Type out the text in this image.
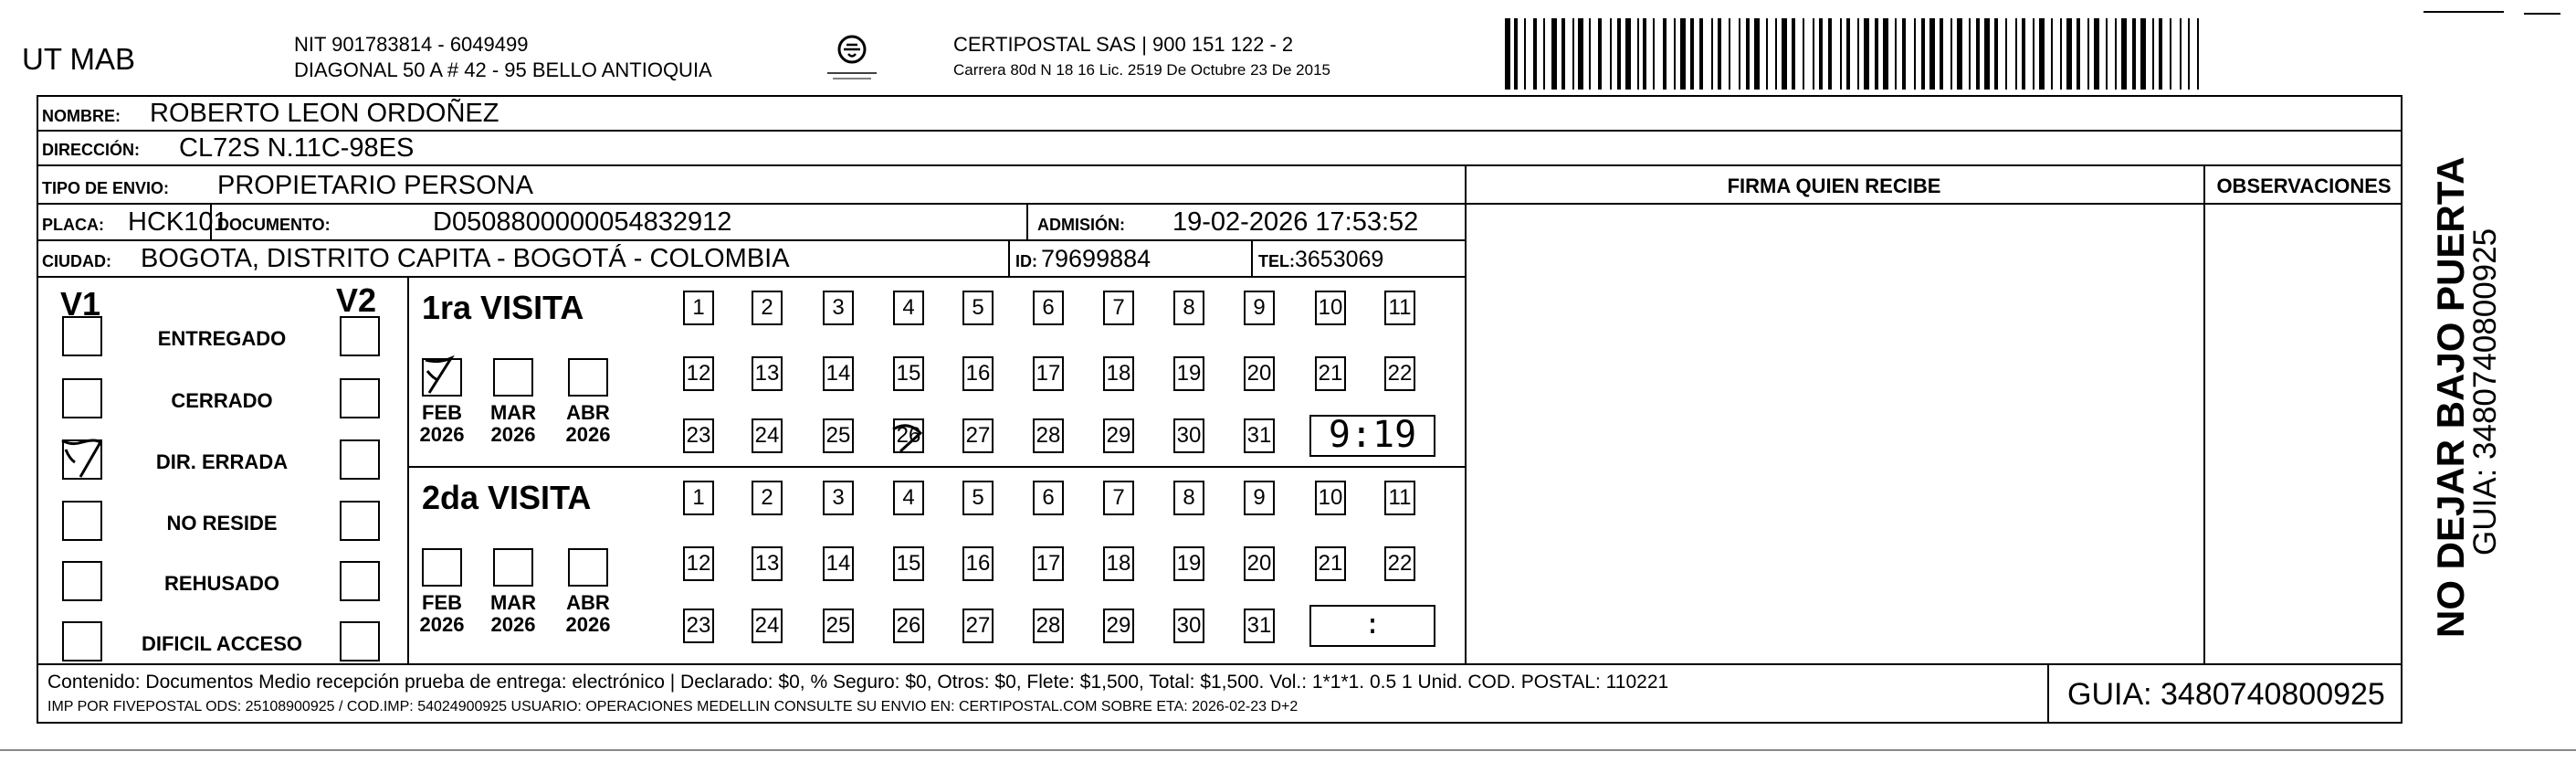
UT MAB	NIT 901783814 - 6049499
DIAGONAL 50 A # 42 - 95 BELLO ANTIOQUIA
CERTIPOSTAL SAS | 900 151 122 - 2
Carrera 80d N 18 16 Lic. 2519 De Octubre 23 De 2015
NOMBRE: ROBERTO LEON ORDOÑEZ
DIRECCIÓN: CL72S N.11C-98ES
TIPO DE ENVIO: PROPIETARIO PERSONA
PLACA: HCK101
DOCUMENTO:	D0508800000054832912	ADMISIÓN: 19-02-2026 17:53:52
CIUDAD: BOGOTA, DISTRITO CAPITA - BOGOTÁ - COLOMBIA	ID: 79699884	TEL: 3653069
FIRMA QUIEN RECIBE	OBSERVACIONES
V1	V2
ENTREGADO
CERRADO
DIR. ERRADA
NO RESIDE
REHUSADO
DIFICIL ACCESO
1ra VISITA
FEB
2026
MAR
2026
ABR
2026
1	2	3	4	5	6	7	8	9	10 11
12 13 14 15 16 17 18 19 20 21 22
23 24 25 26 27 28 29 30 31	9:19
2da VISITA
FEB
2026
MAR
2026
ABR
2026
1	2	3	4	5	6	7	8	9	10 11
12 13 14 15 16 17 18 19 20 21 22
23 24 25 26 27 28 29 30 31	:
Contenido: Documentos Medio recepción prueba de entrega: electrónico | Declarado: $0, % Seguro: $0, Otros: $0, Flete: $1,500, Total: $1,500. Vol.: 1*1*1. 0.5 1 Unid. COD. POSTAL: 110221
IMP POR FIVEPOSTAL ODS: 25108900925 / COD.IMP: 54024900925 USUARIO: OPERACIONES MEDELLIN CONSULTE SU ENVIO EN: CERTIPOSTAL.COM SOBRE ETA: 2026-02-23 D+2	GUIA: 3480740800925
NO DEJAR BAJO PUERTA
GUIA: 3480740800925
